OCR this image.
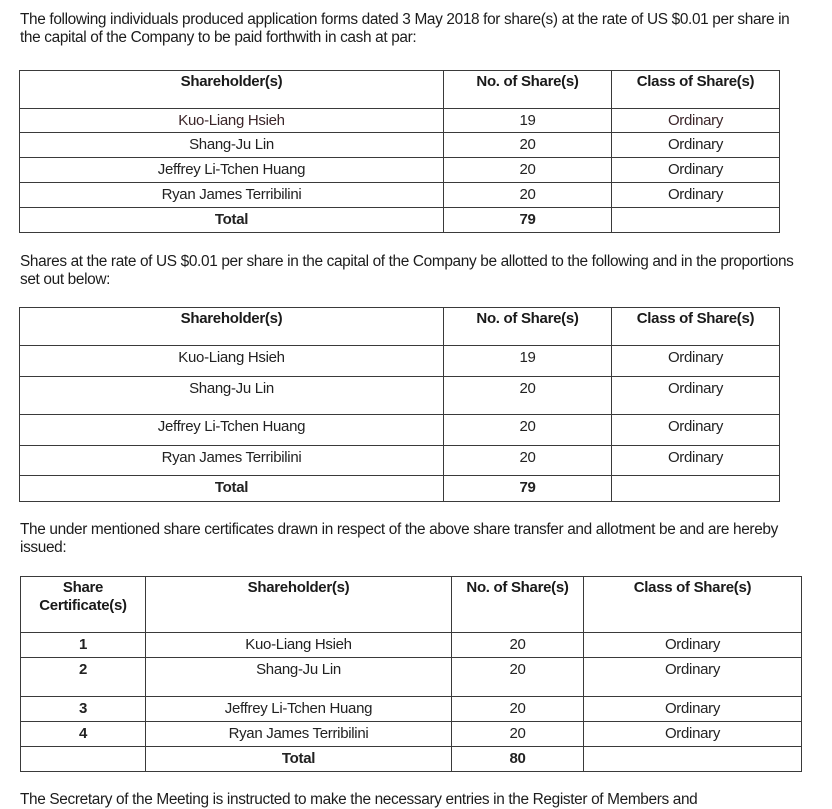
The following individuals produced application forms dated 3 May 2018 for share(s) at the rate of US $0.01 per share in the capital of the Company to be paid forthwith in cash at par:

Shareholder(s)	No. of Share(s)	Class of Share(s)
Kuo-Liang Hsieh	19	Ordinary
Shang-Ju Lin	20	Ordinary
Jeffrey Li-Tchen Huang	20	Ordinary
Ryan James Terribilini	20	Ordinary
Total	79	

Shares at the rate of US $0.01 per share in the capital of the Company be allotted to the following and in the proportions set out below:

Shareholder(s)	No. of Share(s)	Class of Share(s)
Kuo-Liang Hsieh	19	Ordinary
Shang-Ju Lin	20	Ordinary
Jeffrey Li-Tchen Huang	20	Ordinary
Ryan James Terribilini	20	Ordinary
Total	79	

The under mentioned share certificates drawn in respect of the above share transfer and allotment be and are hereby issued:

Share Certificate(s)	Shareholder(s)	No. of Share(s)	Class of Share(s)
1	Kuo-Liang Hsieh	20	Ordinary
2	Shang-Ju Lin	20	Ordinary
3	Jeffrey Li-Tchen Huang	20	Ordinary
4	Ryan James Terribilini	20	Ordinary
	Total	80	

The Secretary of the Meeting is instructed to make the necessary entries in the Register of Members and
